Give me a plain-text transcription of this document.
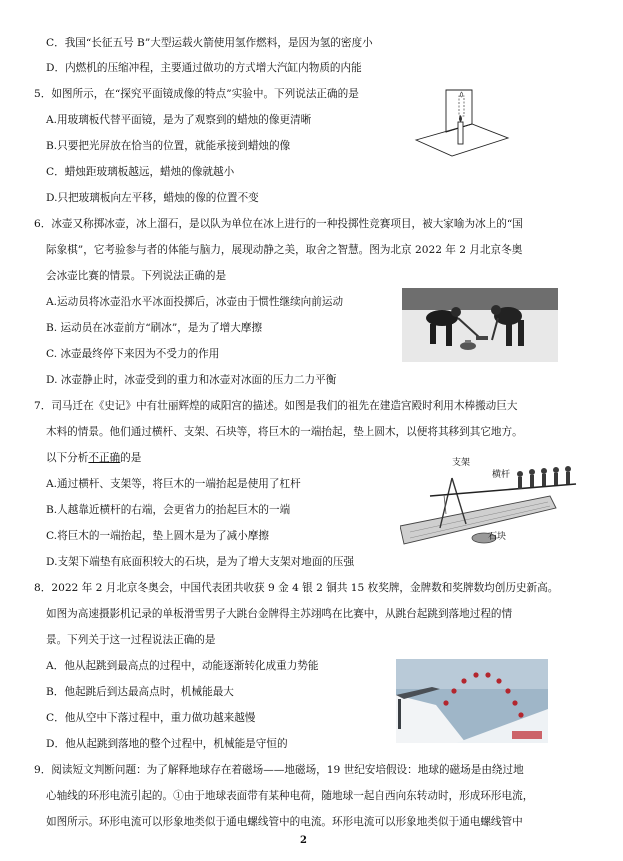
C．我国“长征五号 B”大型运载火箭使用氢作燃料，是因为氢的密度小
D．内燃机的压缩冲程，主要通过做功的方式增大汽缸内物质的内能
5．如图所示，在“探究平面镜成像的特点”实验中。下列说法正确的是
A.用玻璃板代替平面镜，是为了观察到的蜡烛的像更清晰
B.只要把光屏放在恰当的位置，就能承接到蜡烛的像
C．蜡烛距玻璃板越远，蜡烛的像就越小
D.只把玻璃板向左平移，蜡烛的像的位置不变
6．冰壶又称掷冰壶，冰上溜石，是以队为单位在冰上进行的一种投掷性竞赛项目，被大家喻为冰上的“国
际象棋”，它考验参与者的体能与脑力，展现动静之美，取舍之智慧。图为北京 2022 年 2 月北京冬奥
会冰壶比赛的情景。下列说法正确的是
A.运动员将冰壶沿水平冰面投掷后，冰壶由于惯性继续向前运动
B. 运动员在冰壶前方“刷冰”，是为了增大摩擦
C. 冰壶最终停下来因为不受力的作用
D. 冰壶静止时，冰壶受到的重力和冰壶对冰面的压力二力平衡
7．司马迁在《史记》中有壮丽辉煌的咸阳宫的描述。如图是我们的祖先在建造宫殿时利用木棒搬动巨大
木料的情景。他们通过横杆、支架、石块等，将巨木的一端抬起，垫上圆木，以便将其移到其它地方。
以下分析不正确的是
A.通过横杆、支架等，将巨木的一端抬起是使用了杠杆
B.人越靠近横杆的右端，会更省力的抬起巨木的一端
C.将巨木的一端抬起，垫上圆木是为了减小摩擦
D.支架下端垫有底面积较大的石块，是为了增大支架对地面的压强
支架
横杆
石块
8．2022 年 2 月北京冬奥会，中国代表团共收获 9 金 4 银 2 铜共 15 枚奖牌，金牌数和奖牌数均创历史新高。
如图为高速摄影机记录的单板滑雪男子大跳台金牌得主苏翊鸣在比赛中，从跳台起跳到落地过程的情
景。下列关于这一过程说法正确的是
A．他从起跳到最高点的过程中，动能逐渐转化成重力势能
B．他起跳后到达最高点时，机械能最大
C．他从空中下落过程中，重力做功越来越慢
D．他从起跳到落地的整个过程中，机械能是守恒的
9．阅读短文判断问题：为了解释地球存在着磁场——地磁场，19 世纪安培假设：地球的磁场是由绕过地
心轴线的环形电流引起的。①由于地球表面带有某种电荷，随地球一起自西向东转动时，形成环形电流，
如图所示。环形电流可以形象地类似于通电螺线管中的电流。环形电流可以形象地类似于通电螺线管中
2
